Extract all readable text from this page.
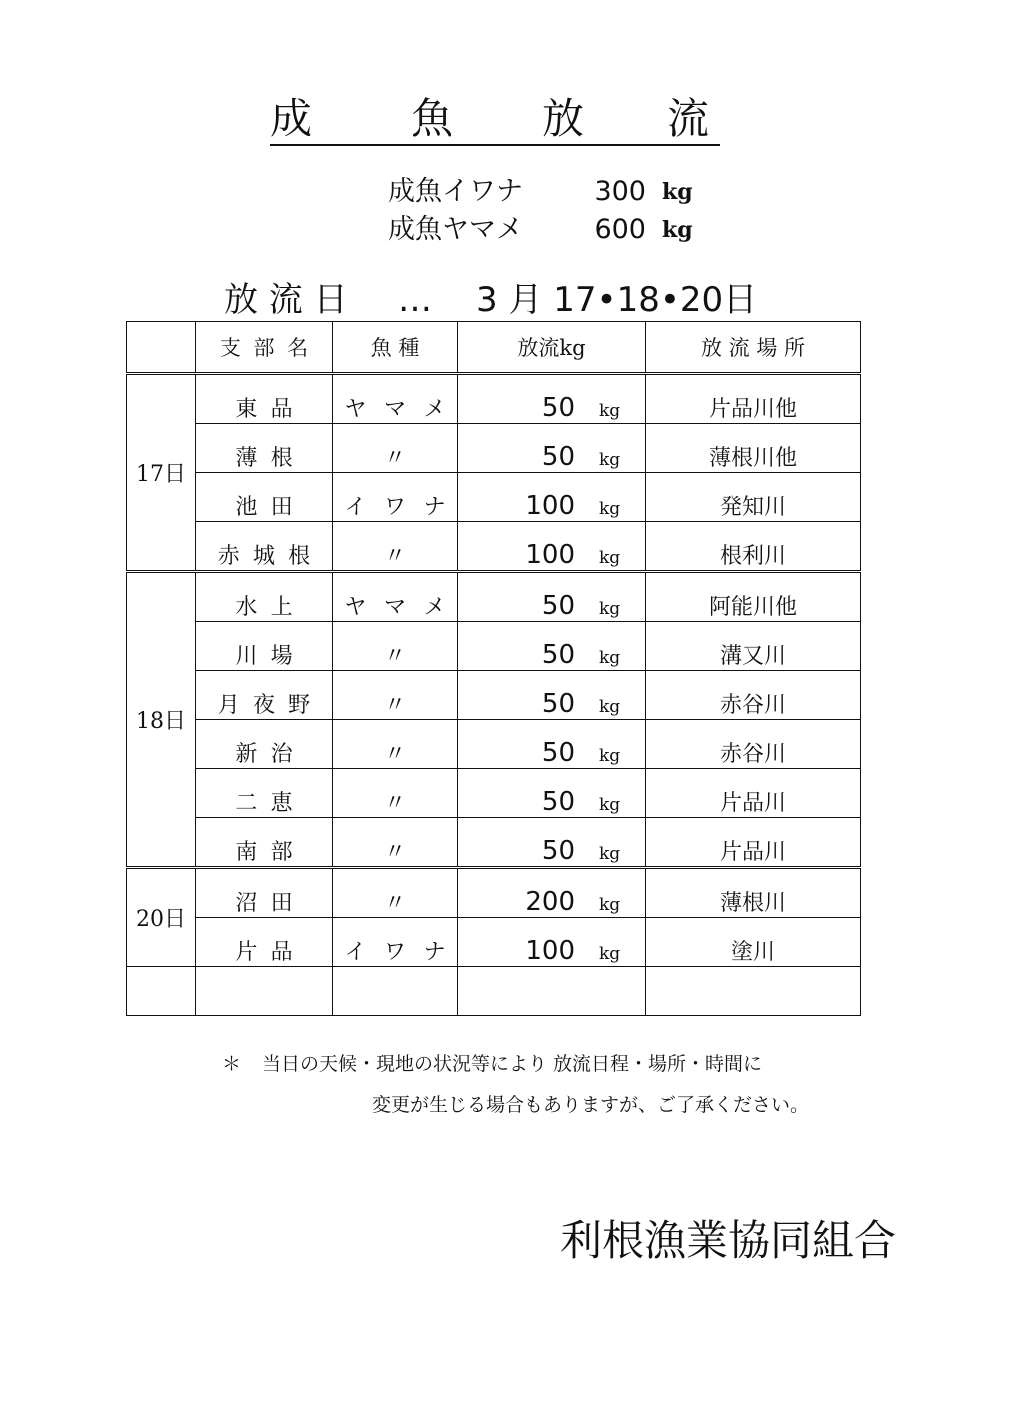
成 魚 放 流
成魚イワナ	300 kg
成魚ヤマメ	600 kg
放 流 日 … 3 月 17•18•20日
	支部名	魚 種	放流kg	放 流 場 所
17日	東品	ヤマメ	50 kg	片品川他
	薄根	〃	50 kg	薄根川他
	池田	イワナ	100 kg	発知川
	赤城根	〃	100 kg	根利川
18日	水上	ヤマメ	50 kg	阿能川他
	川場	〃	50 kg	溝又川
	月夜野	〃	50 kg	赤谷川
	新治	〃	50 kg	赤谷川
	二恵	〃	50 kg	片品川
	南部	〃	50 kg	片品川
20日	沼田	〃	200 kg	薄根川
	片品	イワナ	100 kg	塗川

＊ 当日の天候・現地の状況等により 放流日程・場所・時間に
変更が生じる場合もありますが、ご了承ください。
利根漁業協同組合
